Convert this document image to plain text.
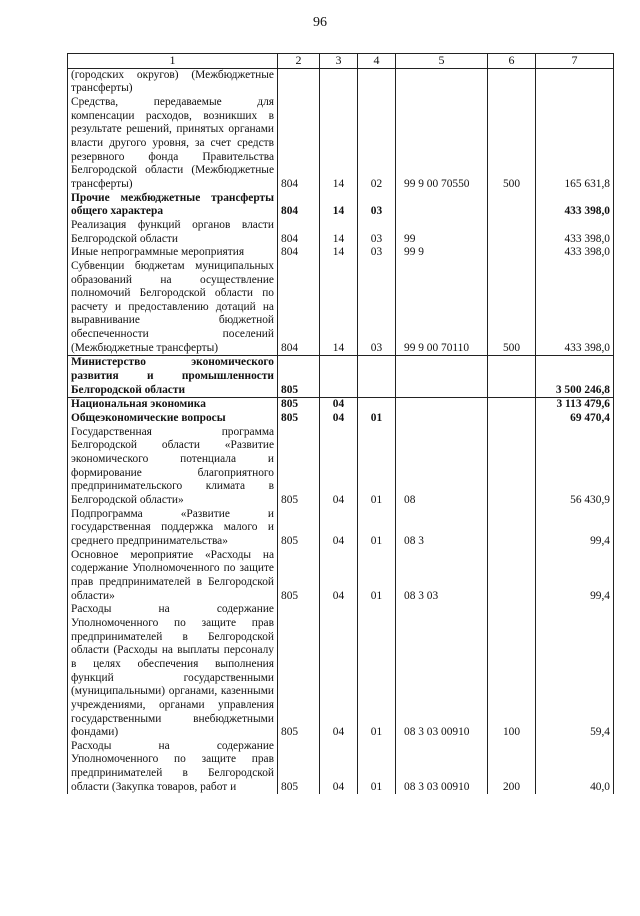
96
1	2	3	4	5	6	7
(городских округов) (Межбюджетные трансферты)						
Средства, передаваемые для компенсации расходов, возникших в результате решений, принятых органами власти другого уровня, за счет средств резервного фонда Правительства Белгородской области (Межбюджетные трансферты)	804	14	02	99 9 00 70550	500	165 631,8
Прочие межбюджетные трансферты общего характера	804	14	03			433 398,0
Реализация функций органов власти Белгородской области	804	14	03	99		433 398,0
Иные непрограммные мероприятия	804	14	03	99 9		433 398,0
Субвенции бюджетам муниципальных образований на осуществление полномочий Белгородской области по расчету и предоставлению дотаций на выравнивание бюджетной обеспеченности поселений (Межбюджетные трансферты)	804	14	03	99 9 00 70110	500	433 398,0
Министерство экономического развития и промышленности Белгородской области	805					3 500 246,8
Национальная экономика	805	04				3 113 479,6
Общеэкономические вопросы	805	04	01			69 470,4
Государственная программа Белгородской области «Развитие экономического потенциала и формирование благоприятного предпринимательского климата в Белгородской области»	805	04	01	08		56 430,9
Подпрограмма «Развитие и государственная поддержка малого и среднего предпринимательства»	805	04	01	08 3		99,4
Основное мероприятие «Расходы на содержание Уполномоченного по защите прав предпринимателей в Белгородской области»	805	04	01	08 3 03		99,4
Расходы на содержание Уполномоченного по защите прав предпринимателей в Белгородской области (Расходы на выплаты персоналу в целях обеспечения выполнения функций государственными (муниципальными) органами, казенными учреждениями, органами управления государственными внебюджетными фондами)	805	04	01	08 3 03 00910	100	59,4
Расходы на содержание Уполномоченного по защите прав предпринимателей в Белгородской области (Закупка товаров, работ и	805	04	01	08 3 03 00910	200	40,0
